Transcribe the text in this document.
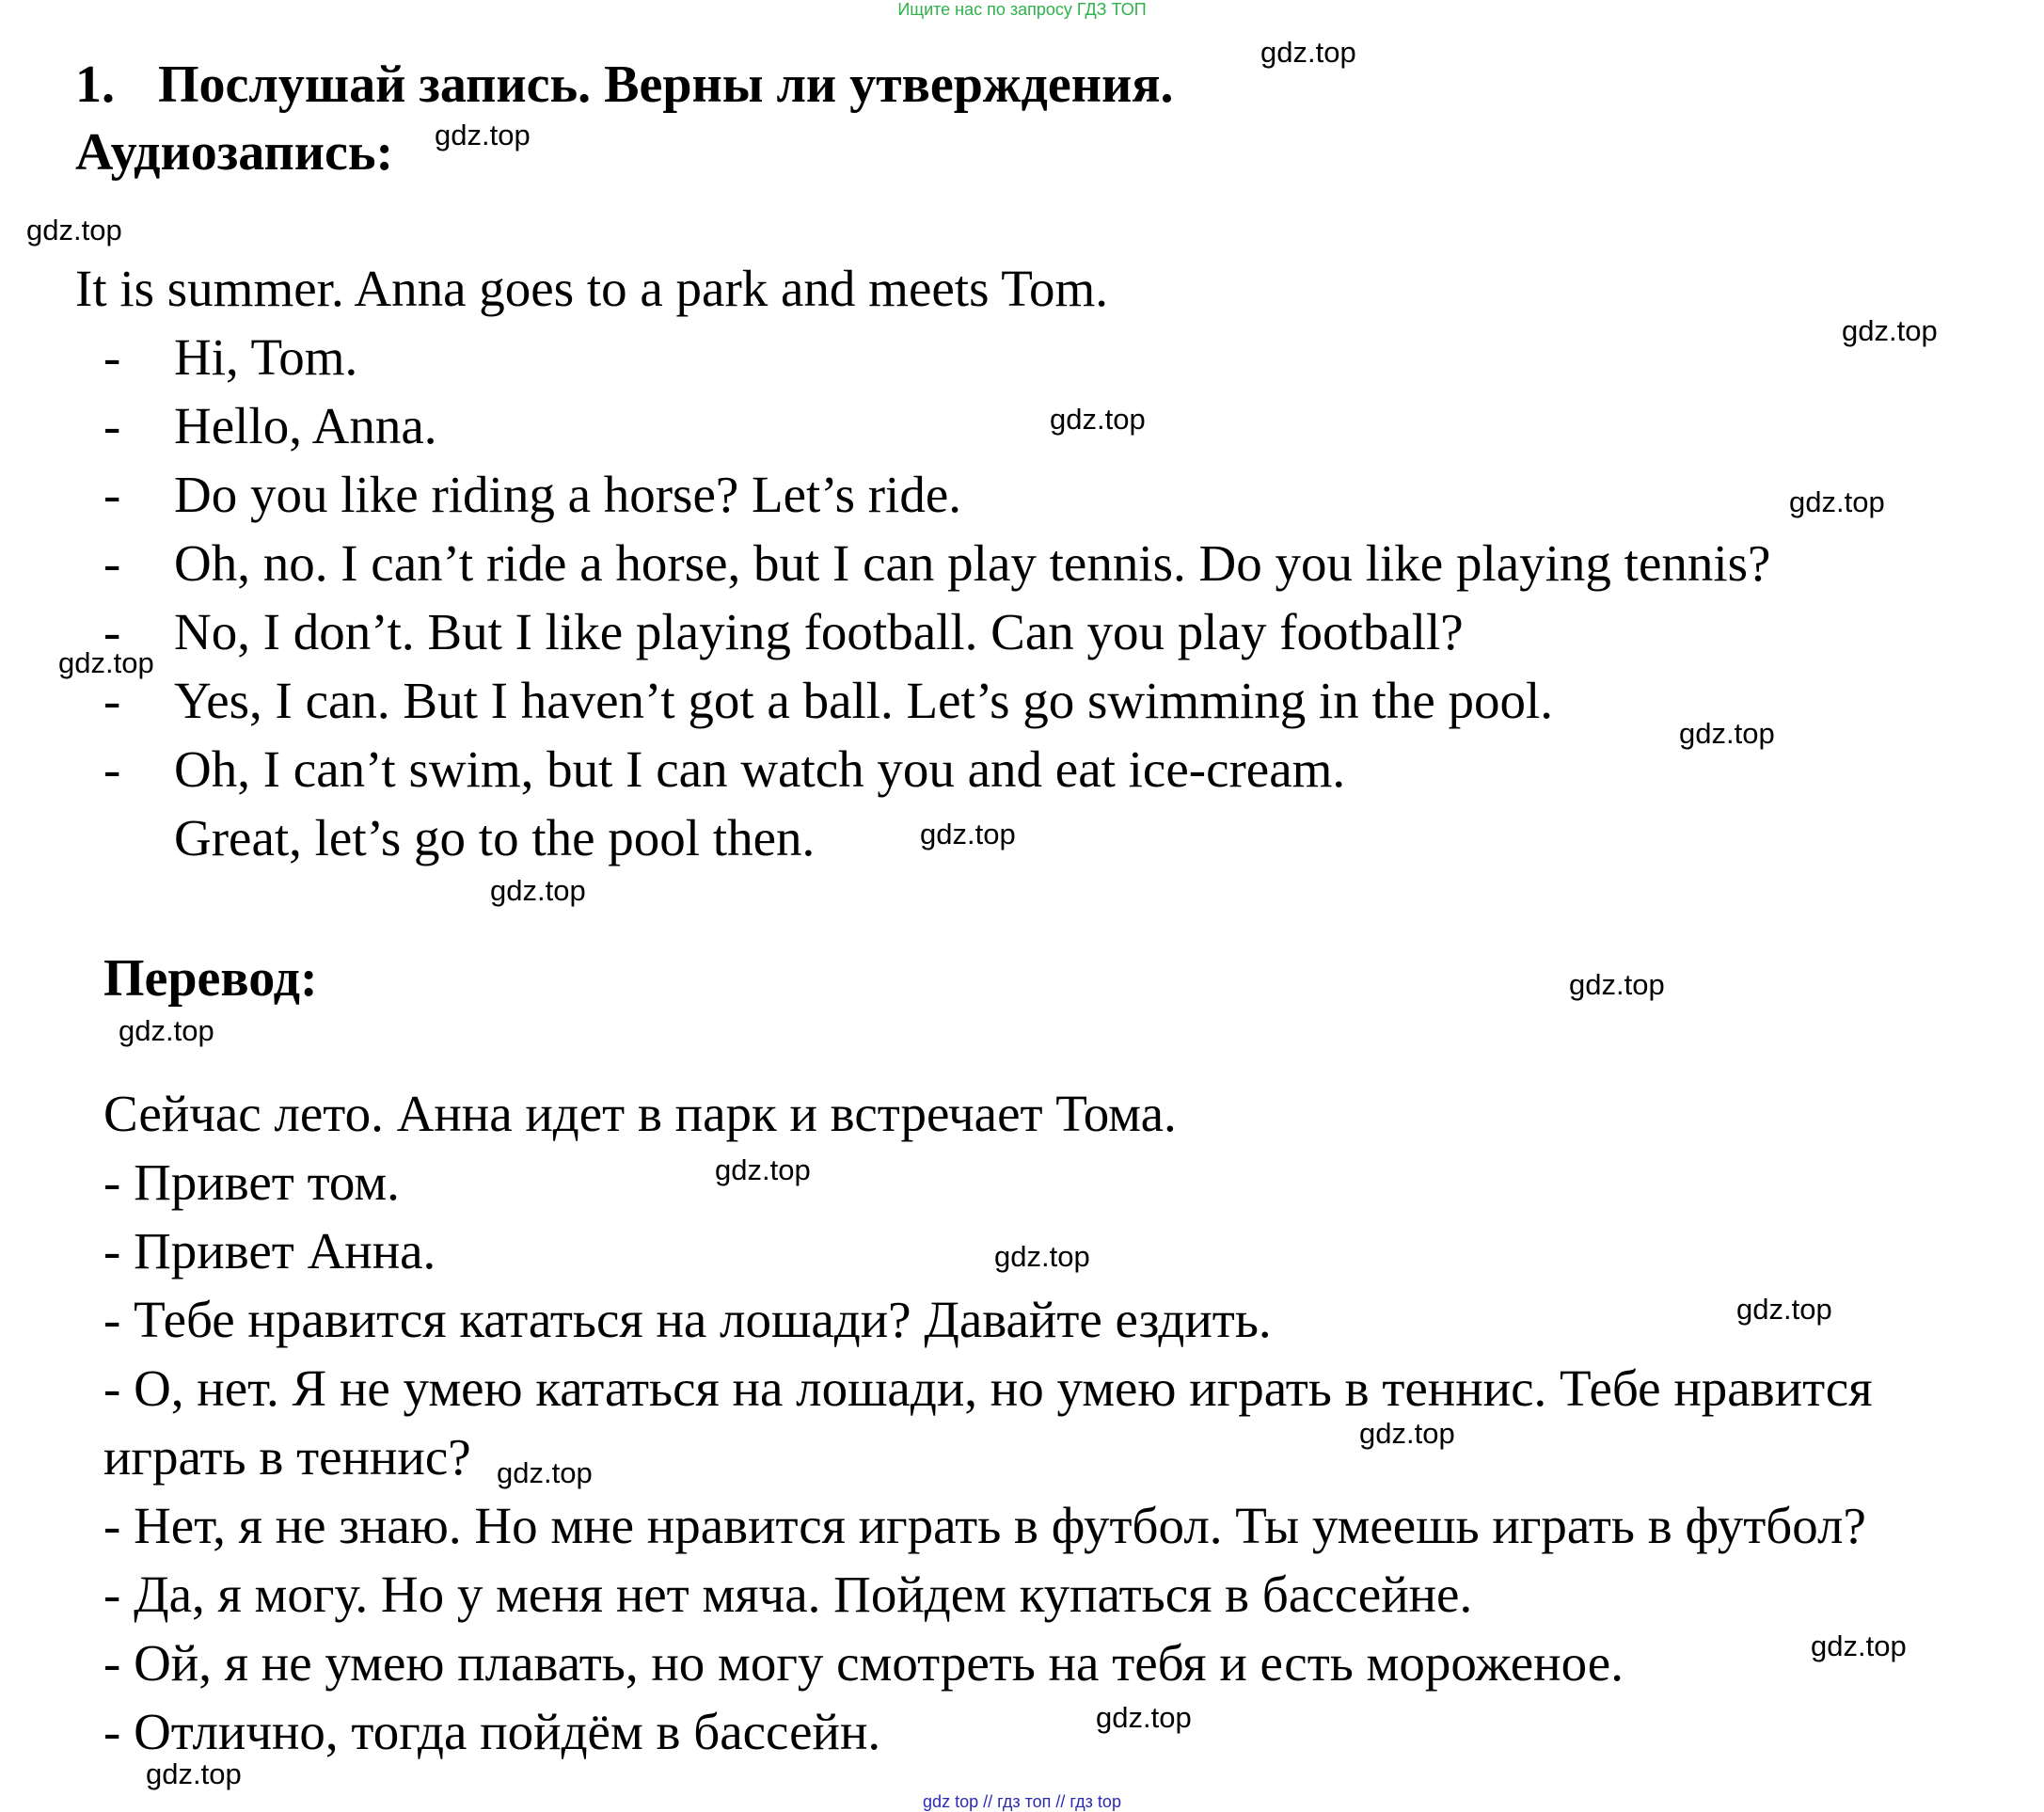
Ищите нас по запросу ГДЗ ТОП
1. Послушай запись. Верны ли утверждения.
Аудиозапись:
It is summer. Anna goes to a park and meets Tom.
- Hi, Tom.
- Hello, Anna.
- Do you like riding a horse? Let’s ride.
- Oh, no. I can’t ride a horse, but I can play tennis. Do you like playing tennis?
- No, I don’t. But I like playing football. Can you play football?
- Yes, I can. But I haven’t got a ball. Let’s go swimming in the pool.
- Oh, I can’t swim, but I can watch you and eat ice-cream.
Great, let’s go to the pool then.
Перевод:
Сейчас лето. Анна идет в парк и встречает Тома.
- Привет том.
- Привет Анна.
- Тебе нравится кататься на лошади? Давайте ездить.
- О, нет. Я не умею кататься на лошади, но умею играть в теннис. Тебе нравится
играть в теннис?
- Нет, я не знаю. Но мне нравится играть в футбол. Ты умеешь играть в футбол?
- Да, я могу. Но у меня нет мяча. Пойдем купаться в бассейне.
- Ой, я не умею плавать, но могу смотреть на тебя и есть мороженое.
- Отлично, тогда пойдём в бассейн.
gdz.top
gdz.top
gdz.top
gdz.top
gdz.top
gdz.top
gdz.top
gdz.top
gdz.top
gdz.top
gdz.top
gdz.top
gdz.top
gdz.top
gdz.top
gdz.top
gdz.top
gdz.top
gdz.top
gdz.top
gdz top // гдз топ // гдз top
